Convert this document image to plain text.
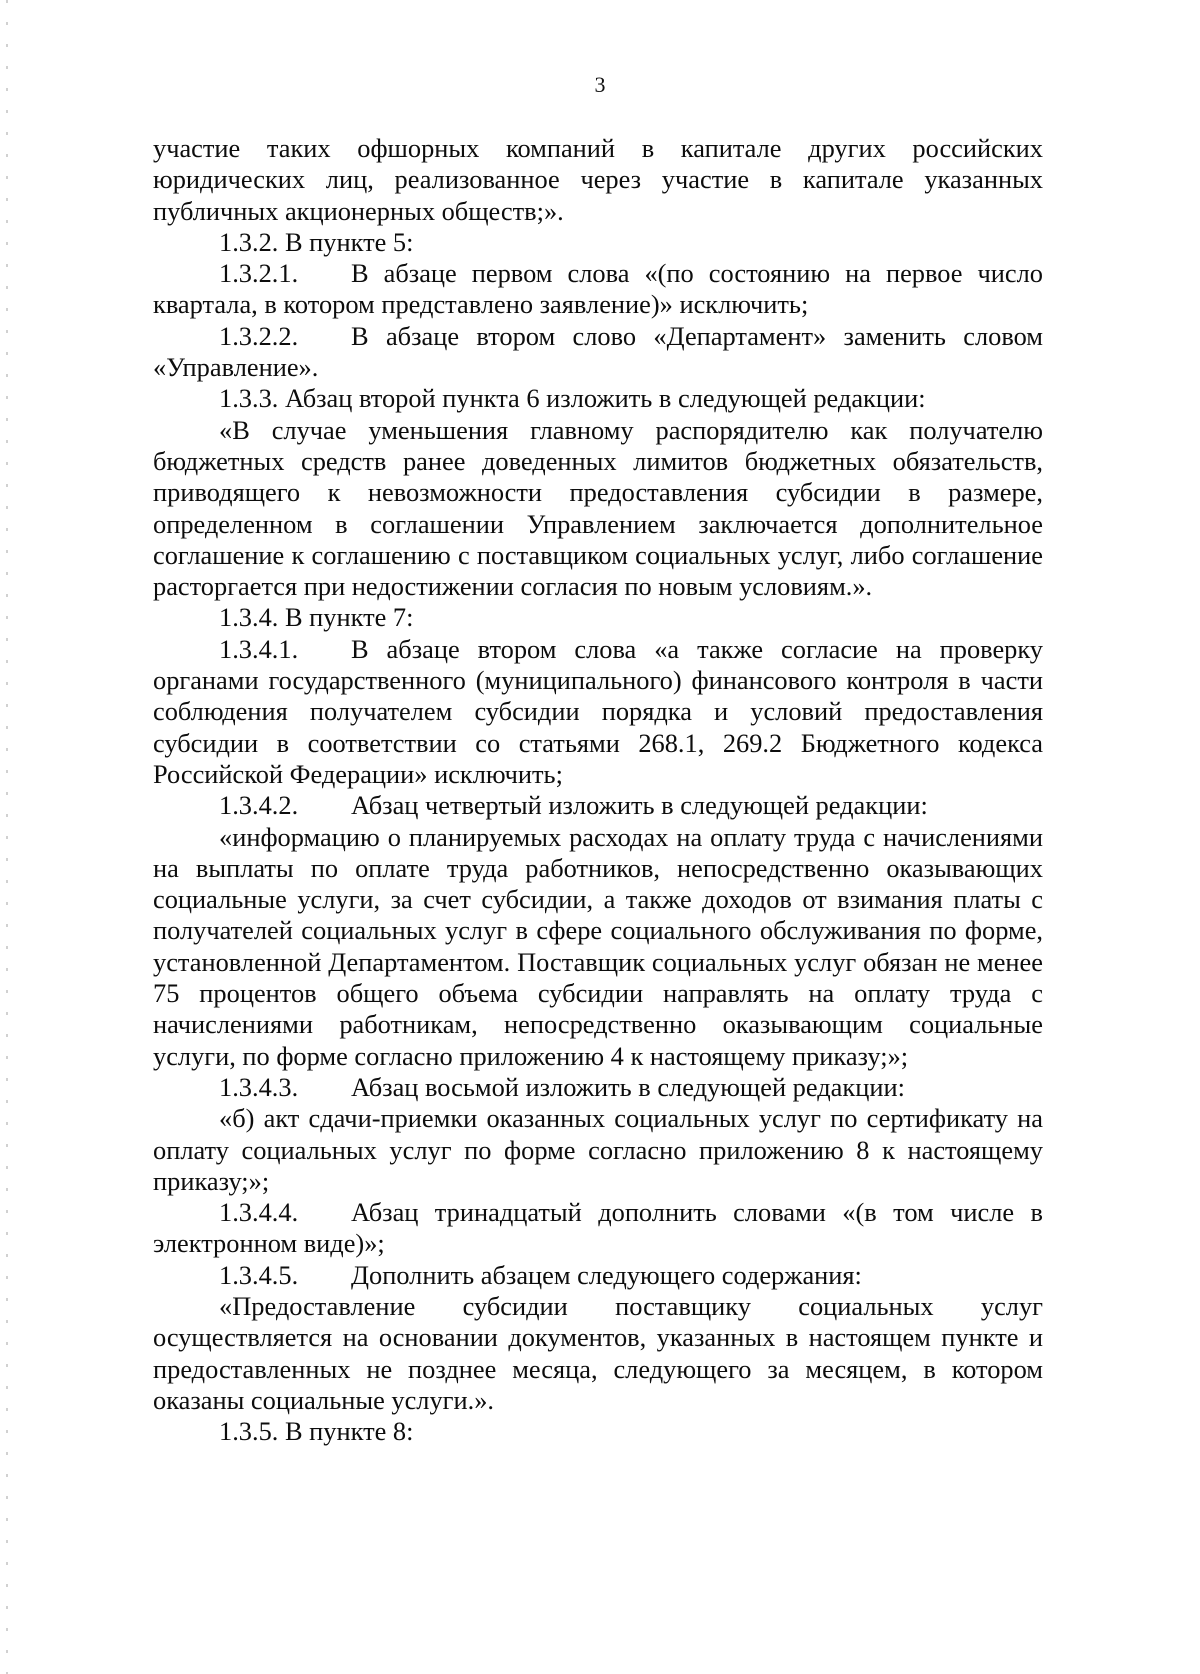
3

участие таких офшорных компаний в капитале других российских юридических лиц, реализованное через участие в капитале указанных публичных акционерных обществ;».

1.3.2. В пункте 5:

1.3.2.1. В абзаце первом слова «(по состоянию на первое число квартала, в котором представлено заявление)» исключить;

1.3.2.2. В абзаце втором слово «Департамент» заменить словом «Управление».

1.3.3. Абзац второй пункта 6 изложить в следующей редакции:

«В случае уменьшения главному распорядителю как получателю бюджетных средств ранее доведенных лимитов бюджетных обязательств, приводящего к невозможности предоставления субсидии в размере, определенном в соглашении Управлением заключается дополнительное соглашение к соглашению с поставщиком социальных услуг, либо соглашение расторгается при недостижении согласия по новым условиям.».

1.3.4. В пункте 7:

1.3.4.1. В абзаце втором слова «а также согласие на проверку органами государственного (муниципального) финансового контроля в части соблюдения получателем субсидии порядка и условий предоставления субсидии в соответствии со статьями 268.1, 269.2 Бюджетного кодекса Российской Федерации» исключить;

1.3.4.2. Абзац четвертый изложить в следующей редакции:

«информацию о планируемых расходах на оплату труда с начислениями на выплаты по оплате труда работников, непосредственно оказывающих социальные услуги, за счет субсидии, а также доходов от взимания платы с получателей социальных услуг в сфере социального обслуживания по форме, установленной Департаментом. Поставщик социальных услуг обязан не менее 75 процентов общего объема субсидии направлять на оплату труда с начислениями работникам, непосредственно оказывающим социальные услуги, по форме согласно приложению 4 к настоящему приказу;»;

1.3.4.3. Абзац восьмой изложить в следующей редакции:

«б) акт сдачи-приемки оказанных социальных услуг по сертификату на оплату социальных услуг по форме согласно приложению 8 к настоящему приказу;»;

1.3.4.4. Абзац тринадцатый дополнить словами «(в том числе в электронном виде)»;

1.3.4.5. Дополнить абзацем следующего содержания:

«Предоставление субсидии поставщику социальных услуг осуществляется на основании документов, указанных в настоящем пункте и предоставленных не позднее месяца, следующего за месяцем, в котором оказаны социальные услуги.».

1.3.5. В пункте 8:
